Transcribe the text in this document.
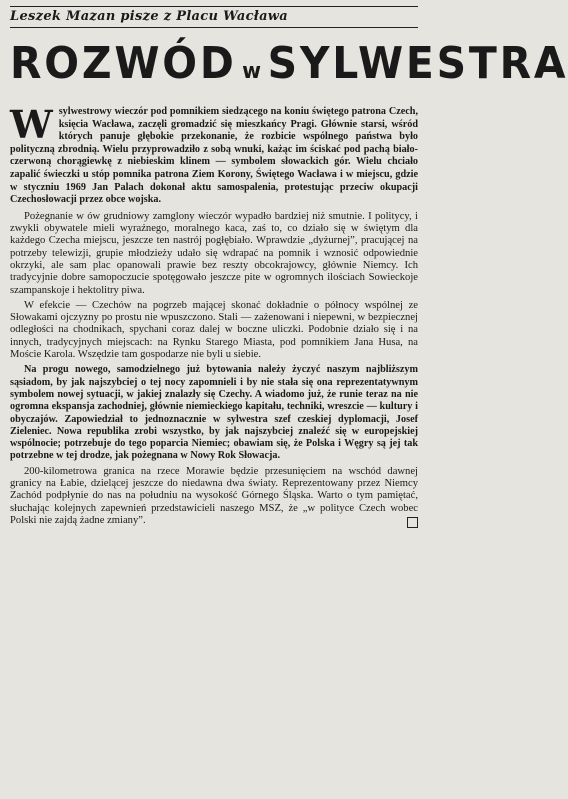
Leszek Mazan pisze z Placu Wacława
ROZWÓD w SYLWESTRA
Wsylwestrowy wieczór pod pomnikiem siedzącego na koniu świętego patrona Czech, księcia Wacława, zaczęli gromadzić się mieszkańcy Pragi. Głównie starsi, wśród których panuje głębokie przekonanie, że rozbicie wspólnego państwa było polityczną zbrodnią. Wielu przyprowadziło z sobą wnuki, każąc im ściskać pod pachą biało-czerwoną chorągiewkę z niebieskim klinem — symbolem słowackich gór. Wielu chciało zapalić świeczki u stóp pomnika patrona Ziem Korony, Świętego Wacława i w miejscu, gdzie w styczniu 1969 Jan Palach dokonał aktu samospalenia, protestując przeciw okupacji Czechosłowacji przez obce wojska.

Pożegnanie w ów grudniowy zamglony wieczór wypadło bardziej niż smutnie. I politycy, i zwykli obywatele mieli wyraźnego, moralnego kaca, zaś to, co działo się w świętym dla każdego Czecha miejscu, jeszcze ten nastrój pogłębiało. Wprawdzie „dyżurnej”, pracującej na potrzeby telewizji, grupie młodzieży udało się wdrapać na pomnik i wznosić odpowiednie okrzyki, ale sam plac opanowali prawie bez reszty obcokrajowcy, głównie Niemcy. Ich tradycyjnie dobre samopoczucie spotęgowało jeszcze pite w ogromnych ilościach Sowieckoje szampanskoje i hektolitry piwa.

W efekcie — Czechów na pogrzeb mającej skonać dokładnie o północy wspólnej ze Słowakami ojczyzny po prostu nie wpuszczono. Stali — zażenowani i niepewni, w bezpiecznej odległości na chodnikach, spychani coraz dalej w boczne uliczki. Podobnie działo się i na innych, tradycyjnych miejscach: na Rynku Starego Miasta, pod pomnikiem Jana Husa, na Moście Karola. Wszędzie tam gospodarze nie byli u siebie.

Na progu nowego, samodzielnego już bytowania należy życzyć naszym najbliższym sąsiadom, by jak najszybciej o tej nocy zapomnieli i by nie stała się ona reprezentatywnym symbolem nowej sytuacji, w jakiej znalazły się Czechy. A wiadomo już, że runie teraz na nie ogromna ekspansja zachodniej, głównie niemieckiego kapitału, techniki, wreszcie — kultury i obyczajów. Zapowiedział to jednoznacznie w sylwestra szef czeskiej dyplomacji, Josef Zieleniec. Nowa republika zrobi wszystko, by jak najszybciej znaleźć się w europejskiej wspólnocie; potrzebuje do tego poparcia Niemiec; obawiam się, że Polska i Węgry są jej tak potrzebne w tej drodze, jak pożegnana w Nowy Rok Słowacja.

200-kilometrowa granica na rzece Morawie będzie przesunięciem na wschód dawnej granicy na Łabie, dzielącej jeszcze do niedawna dwa światy. Reprezentowany przez Niemcy Zachód podpłynie do nas na południu na wysokość Górnego Śląska. Warto o tym pamiętać, słuchając kolejnych zapewnień przedstawicieli naszego MSZ, że „w polityce Czech wobec Polski nie zajdą żadne zmiany”.
